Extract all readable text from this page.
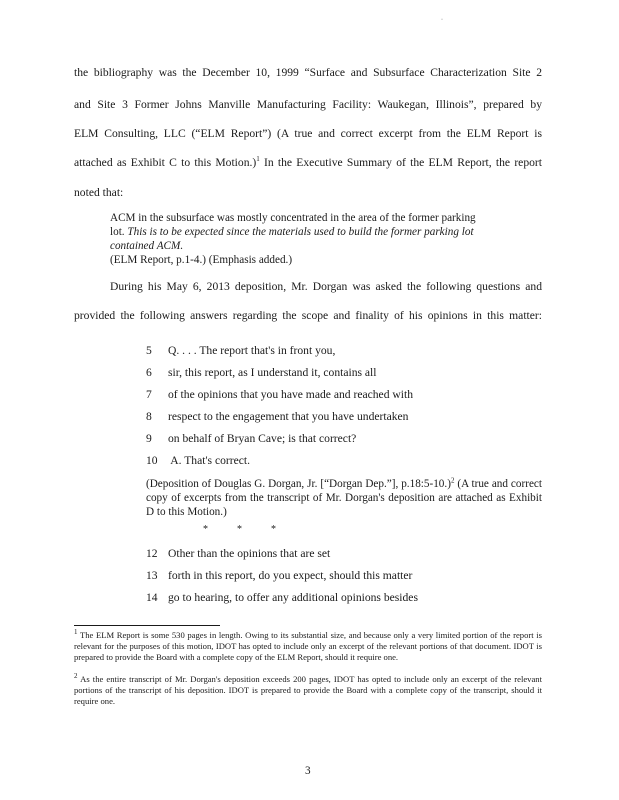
·
the bibliography was the December 10, 1999 “Surface and Subsurface Characterization Site 2
and Site 3 Former Johns Manville Manufacturing Facility: Waukegan, Illinois”, prepared by
ELM Consulting, LLC (“ELM Report”) (A true and correct excerpt from the ELM Report is
attached as Exhibit C to this Motion.)$^1$ In the Executive Summary of the ELM Report, the report
noted that:
ACM in the subsurface was mostly concentrated in the area of the former parking
lot. This is to be expected since the materials used to build the former parking lot
contained ACM.
(ELM Report, p.1-4.) (Emphasis added.)
During his May 6, 2013 deposition, Mr. Dorgan was asked the following questions and
provided the following answers regarding the scope and finality of his opinions in this matter:
5 Q. . . . The report that's in front you,
6 sir, this report, as I understand it, contains all
7 of the opinions that you have made and reached with
8 respect to the engagement that you have undertaken
9 on behalf of Bryan Cave; is that correct?
10 A. That's correct.
(Deposition of Douglas G. Dorgan, Jr. [“Dorgan Dep.”], p.18:5-10.)$^2$ (A true and correct copy of excerpts from the transcript of Mr. Dorgan's deposition are attached as Exhibit D to this Motion.)
*	*	*
12 Other than the opinions that are set
13 forth in this report, do you expect, should this matter
14 go to hearing, to offer any additional opinions besides
$^1$ The ELM Report is some 530 pages in length. Owing to its substantial size, and because only a very limited portion of the report is relevant for the purposes of this motion, IDOT has opted to include only an excerpt of the relevant portions of that document. IDOT is prepared to provide the Board with a complete copy of the ELM Report, should it require one.
$^2$ As the entire transcript of Mr. Dorgan's deposition exceeds 200 pages, IDOT has opted to include only an excerpt of the relevant portions of the transcript of his deposition. IDOT is prepared to provide the Board with a complete copy of the transcript, should it require one.
3
